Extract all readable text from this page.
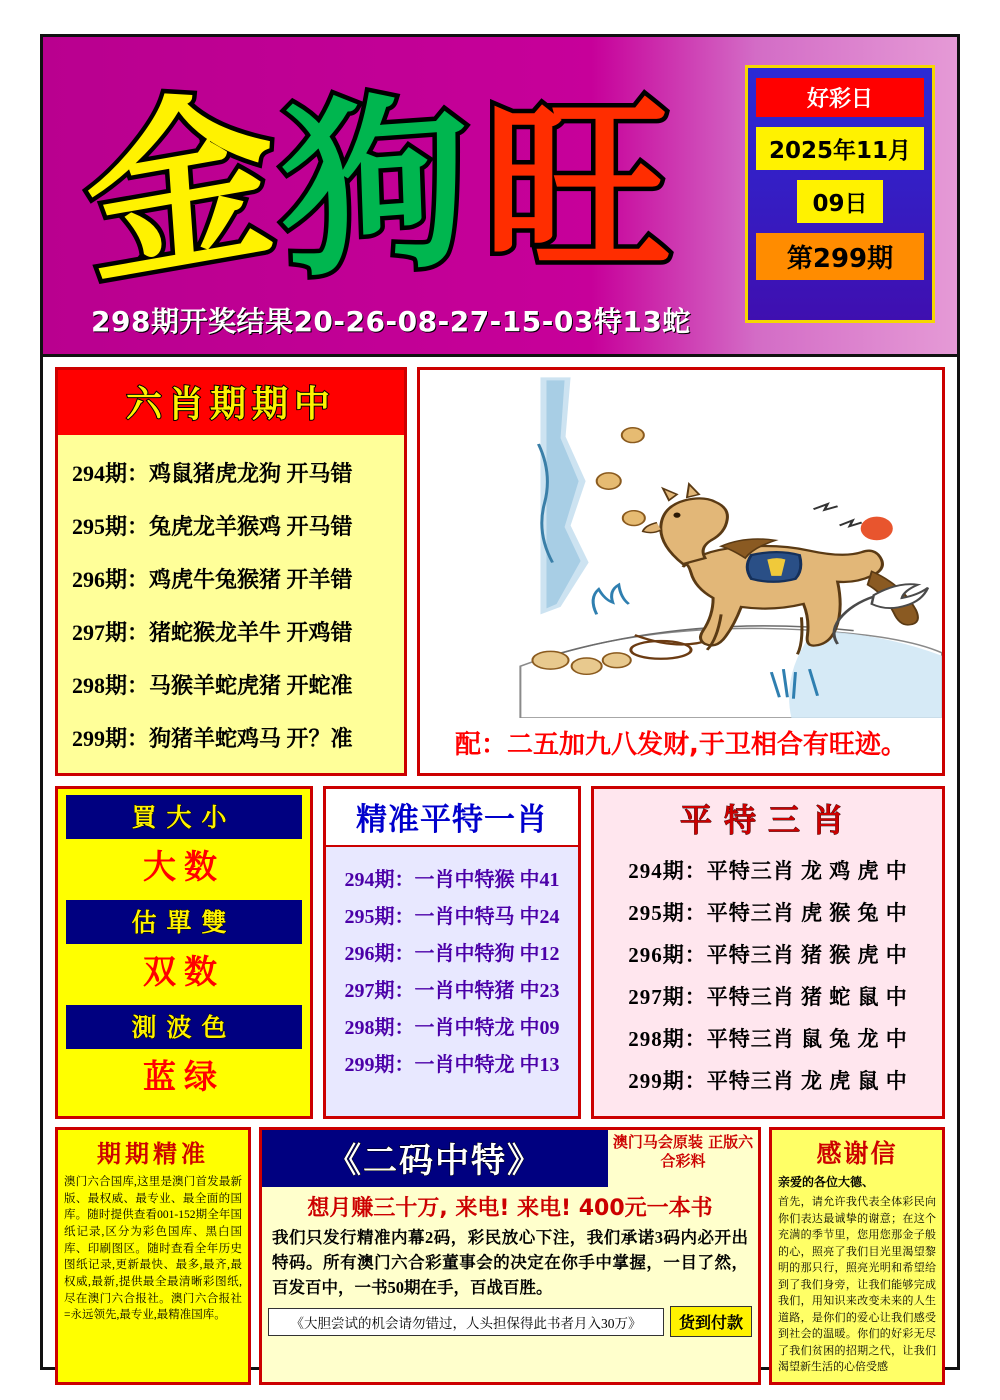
金
狗 旺
298期开奖结果20-26-08-27-15-03特13蛇
好彩日
2025年11月
09日
第299期
六肖期期中
294期：鸡鼠猪虎龙狗 开马错
295期：兔虎龙羊猴鸡 开马错
296期：鸡虎牛兔猴猪 开羊错
297期：猪蛇猴龙羊牛 开鸡错
298期：马猴羊蛇虎猪 开蛇准
299期：狗猪羊蛇鸡马 开？准	配：二五加九八发财,于卫相合有旺迹。
買大小
大数
估單雙
双数
測波色
蓝绿
精准平特一肖
294期：一肖中特猴 中41
295期：一肖中特马 中24
296期：一肖中特狗 中12
297期：一肖中特猪 中23
298期：一肖中特龙 中09
299期：一肖中特龙 中13
平特三肖
294期：平特三肖 龙 鸡 虎 中
295期：平特三肖 虎 猴 兔 中
296期：平特三肖 猪 猴 虎 中
297期：平特三肖 猪 蛇 鼠 中
298期：平特三肖 鼠 兔 龙 中
299期：平特三肖 龙 虎 鼠 中
期期精准
澳门六合国库,这里是澳门首发最新版、最权威、最专业、最全面的国库。随时提供查看001-152期全年国纸记录,区分为彩色国库、黑白国库、印刷图区。随时查看全年历史图纸记录,更新最快、最多,最齐,最权威,最新,提供最全最清晰彩图纸,尽在澳门六合报社。澳门六合报社=永远领先,最专业,最精准国库。
《二码中特》	澳门马会原装 正版六合彩料
想月赚三十万, 来电! 来电! 400元一本书
我们只发行精准内幕2码，彩民放心下注，我们承诺3码内必开出特码。所有澳门六合彩董事会的决定在你手中掌握，一目了然，百发百中，一书50期在手，百战百胜。
《大胆尝试的机会请勿错过，人头担保得此书者月入30万》	货到付款
感谢信
亲爱的各位大德、
首先，请允许我代表全体彩民向你们表达最诚挚的谢意；在这个充满的季节里，您用您那金子般的心，照亮了我们目光里渴望黎明的那只行，照亮光明和希望给到了我们身旁，让我们能够完成我们，用知识来改变未来的人生道路，是你们的爱心让我们感受到社会的温暖。你们的好彩无尽了我们贫困的招期之代，让我们渴望新生活的心倍受感
